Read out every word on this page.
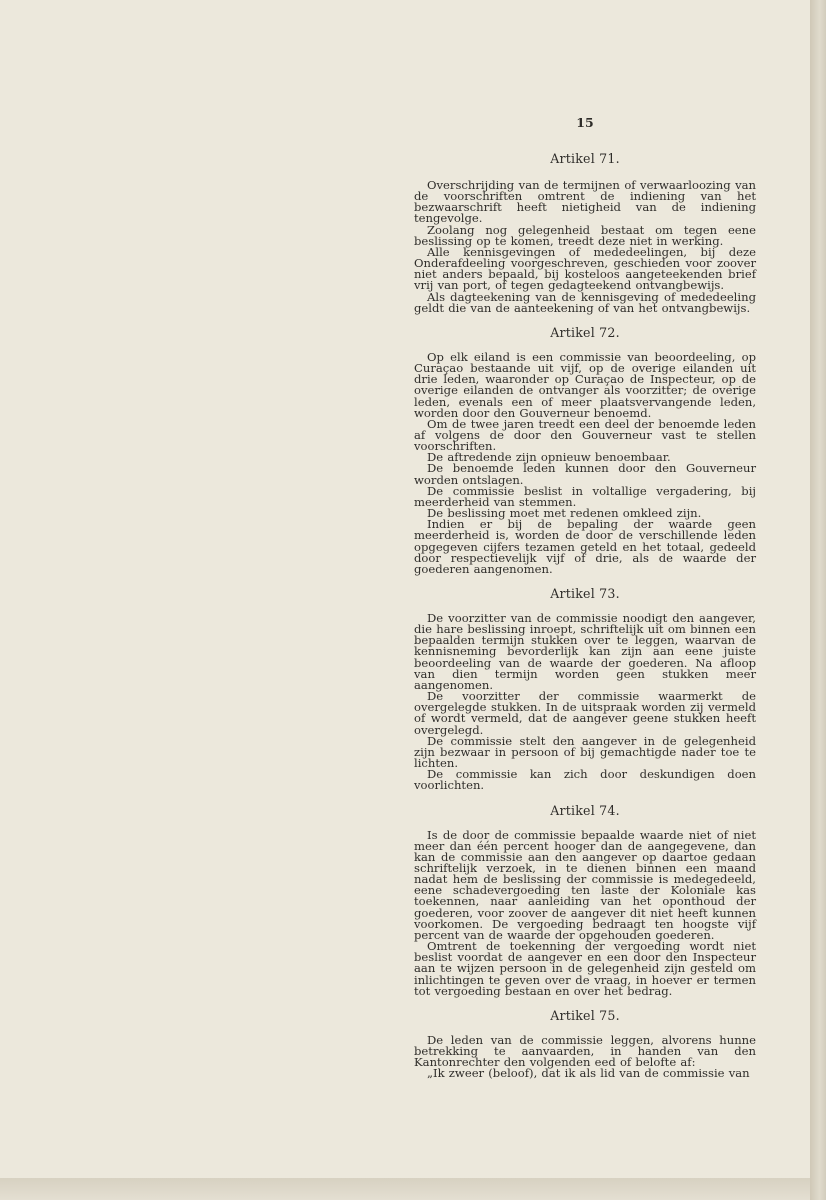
15
Artikel 71.

Overschrijding van de termijnen of verwaarloozing van de voorschriften omtrent de indiening van het bezwaarschrift heeft nietigheid van de indiening tengevolge.

Zoolang nog gelegenheid bestaat om tegen eene beslissing op te komen, treedt deze niet in werking.

Alle kennisgevingen of mededeelingen, bij deze Onderafdeeling voorgeschreven, geschieden voor zoover niet anders bepaald, bij kosteloos aangeteekenden brief vrij van port, of tegen gedagteekend ontvangbewijs.

Als dagteekening van de kennisgeving of mededeeling geldt die van de aanteekening of van het ontvangbewijs.

Artikel 72.

Op elk eiland is een commissie van beoordeeling, op Curaçao bestaande uit vijf, op de overige eilanden uit drie leden, waaronder op Curaçao de Inspecteur, op de overige eilanden de ontvanger als voorzitter; de overige leden, evenals een of meer plaatsvervangende leden, worden door den Gouverneur benoemd.

Om de twee jaren treedt een deel der benoemde leden af volgens de door den Gouverneur vast te stellen voorschriften.

De aftredende zijn opnieuw benoembaar.

De benoemde leden kunnen door den Gouverneur worden ontslagen.

De commissie beslist in voltallige vergadering, bij meerderheid van stemmen.

De beslissing moet met redenen omkleed zijn.

Indien er bij de bepaling der waarde geen meerderheid is, worden de door de verschillende leden opgegeven cijfers tezamen geteld en het totaal, gedeeld door respectievelijk vijf of drie, als de waarde der goederen aangenomen.

Artikel 73.

De voorzitter van de commissie noodigt den aangever, die hare beslissing inroept, schriftelijk uit om binnen een bepaalden termijn stukken over te leggen, waarvan de kennisneming bevorderlijk kan zijn aan eene juiste beoordeeling van de waarde der goederen. Na afloop van dien termijn worden geen stukken meer aangenomen.

De voorzitter der commissie waarmerkt de overgelegde stukken. In de uitspraak worden zij vermeld of wordt vermeld, dat de aangever geene stukken heeft overgelegd.

De commissie stelt den aangever in de gelegenheid zijn bezwaar in persoon of bij gemachtigde nader toe te lichten.

De commissie kan zich door deskundigen doen voorlichten.

Artikel 74.

Is de door de commissie bepaalde waarde niet of niet meer dan één percent hooger dan de aangegevene, dan kan de commissie aan den aangever op daartoe gedaan schriftelijk verzoek, in te dienen binnen een maand nadat hem de beslissing der commissie is medegedeeld, eene schadevergoeding ten laste der Koloniale kas toekennen, naar aanleiding van het oponthoud der goederen, voor zoover de aangever dit niet heeft kunnen voorkomen. De vergoeding bedraagt ten hoogste vijf percent van de waarde der opgehouden goederen.

Omtrent de toekenning der vergoeding wordt niet beslist voordat de aangever en een door den Inspecteur aan te wijzen persoon in de gelegenheid zijn gesteld om inlichtingen te geven over de vraag, in hoever er termen tot vergoeding bestaan en over het bedrag.

Artikel 75.

De leden van de commissie leggen, alvorens hunne betrekking te aanvaarden, in handen van den Kantonrechter den volgenden eed of belofte af:

„Ik zweer (beloof), dat ik als lid van de commissie van
